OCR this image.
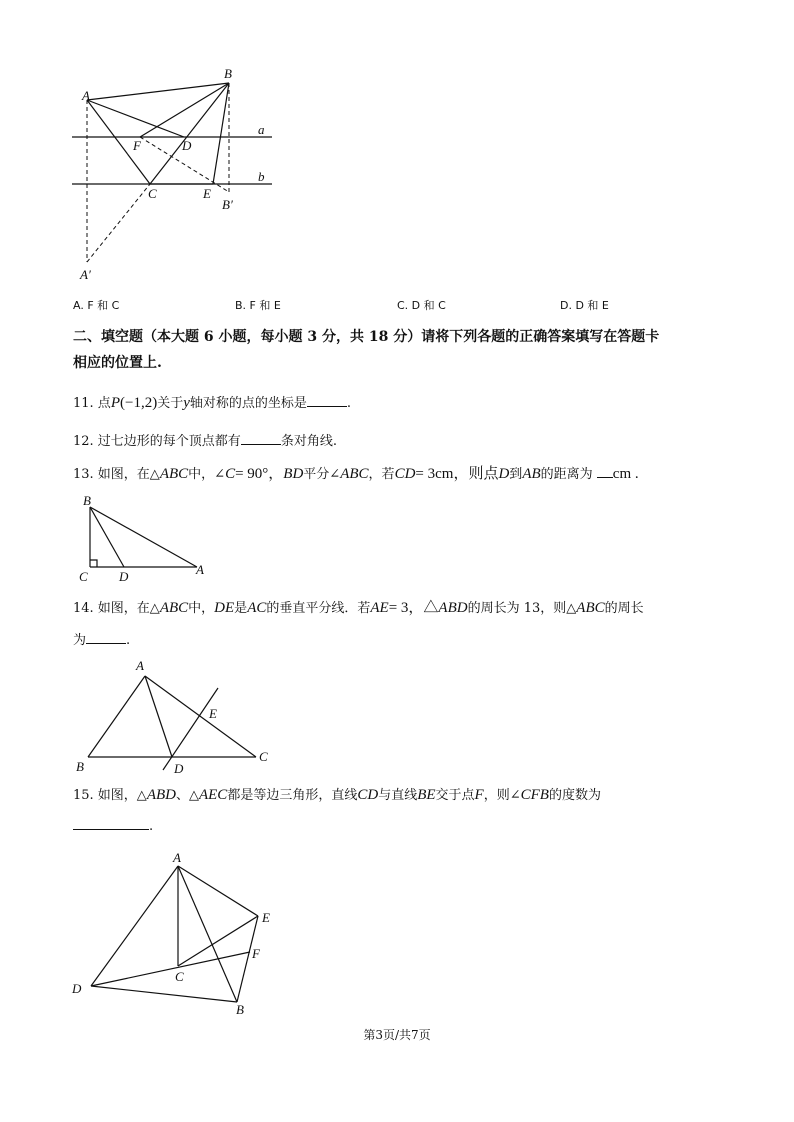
A
B
a
F	D
b
C	E
B′
A′
A. F 和 C	B. F 和 E	C. D 和 C	D. D 和 E
二、填空题（本大题 6 小题，每小题 3 分，共 18 分）请将下列各题的正确答案填写在答题卡
相应的位置上.
11. 点P(−1,2)关于y轴对称的点的坐标是	.
12. 过七边形的每个顶点都有	条对角线.
13. 如图，在△ABC中，∠C= 90°，BD平分∠ABC，若CD= 3cm，则点D到AB的距离为 cm .
B
C D	A
14. 如图，在△ABC中，DE是AC的垂直平分线．若AE= 3，△ABD的周长为 13，则△ABC的周长
为	.
A
E
B	D
C
15. 如图，△ABD、△AEC都是等边三角形，直线CD与直线BE交于点F，则∠CFB的度数为
.
A
E
F
C
D
B
第3页/共7页
